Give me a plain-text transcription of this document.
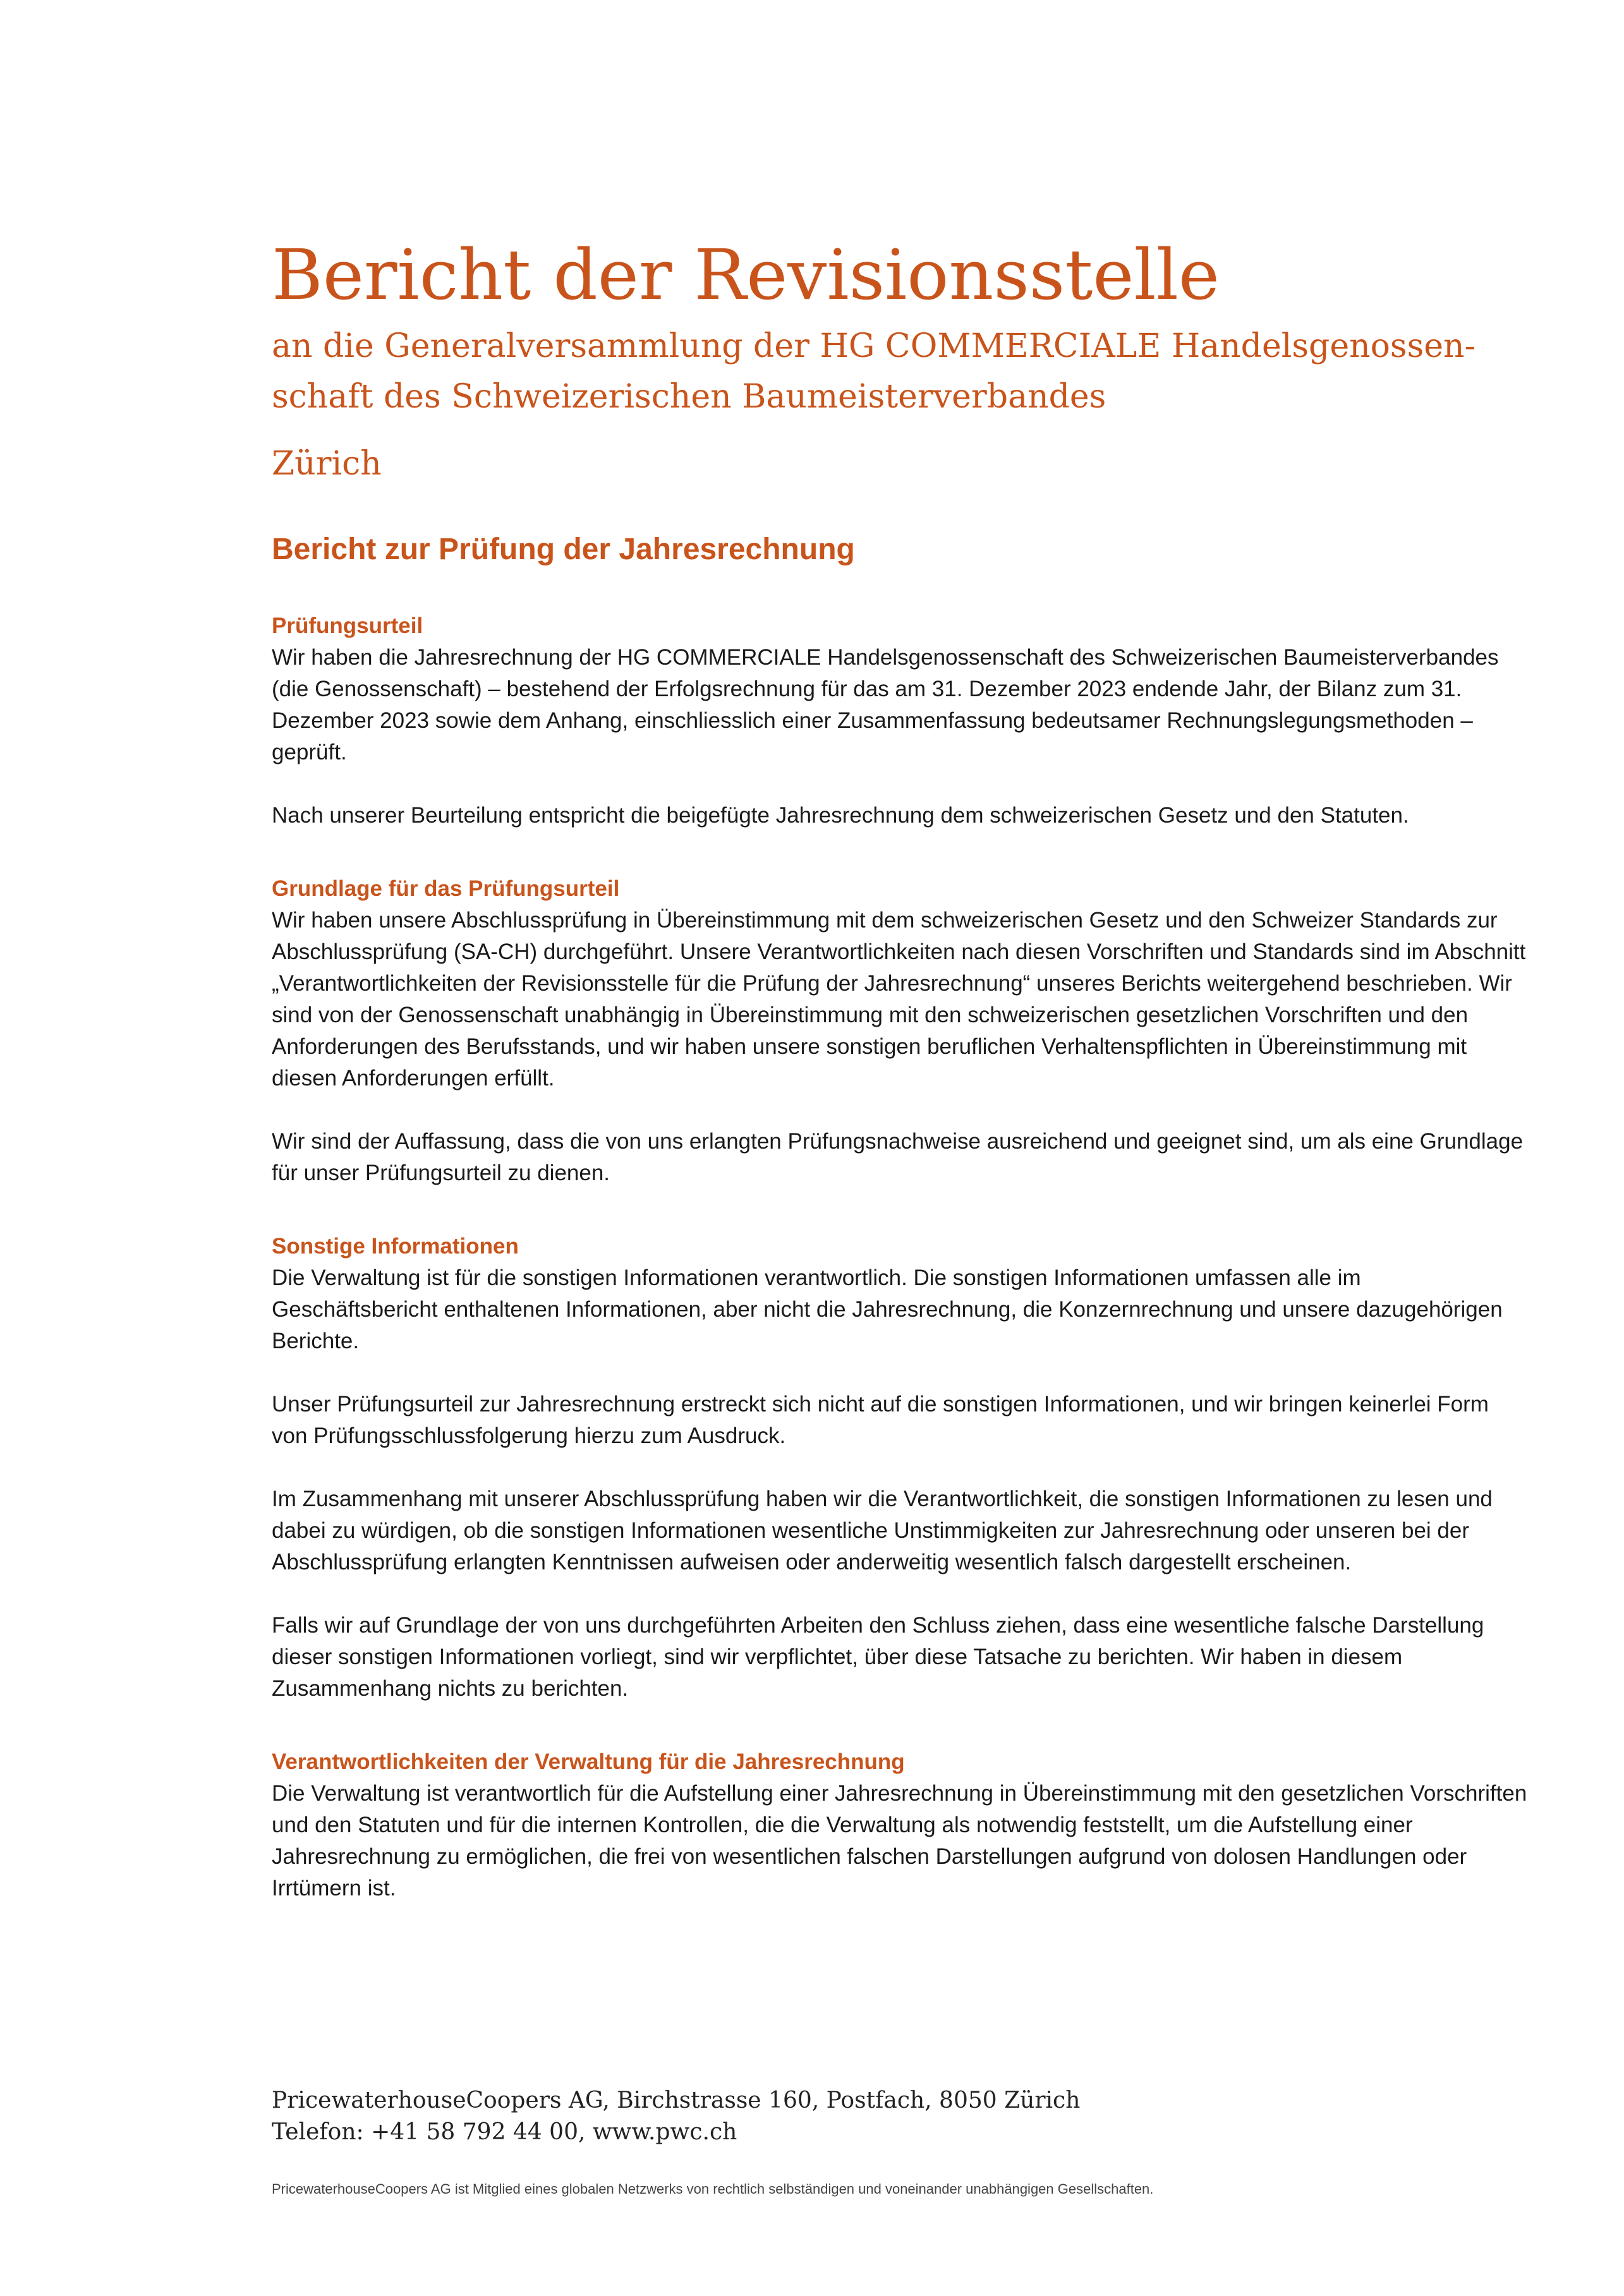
Bericht der Revisionsstelle

an die Generalversammlung der HG COMMERCIALE Handelsgenossen-schaft des Schweizerischen Baumeisterverbandes

Zürich

Bericht zur Prüfung der Jahresrechnung
Prüfungsurteil

Wir haben die Jahresrechnung der HG COMMERCIALE Handelsgenossenschaft des Schweizerischen Baumeisterverbandes (die Genossenschaft) – bestehend der Erfolgsrechnung für das am 31. Dezember 2023 endende Jahr, der Bilanz zum 31. Dezember 2023 sowie dem Anhang, einschliesslich einer Zusammenfassung bedeutsamer Rechnungslegungsmethoden – geprüft.

Nach unserer Beurteilung entspricht die beigefügte Jahresrechnung dem schweizerischen Gesetz und den Statuten.

Grundlage für das Prüfungsurteil

Wir haben unsere Abschlussprüfung in Übereinstimmung mit dem schweizerischen Gesetz und den Schweizer Standards zur Abschlussprüfung (SA-CH) durchgeführt. Unsere Verantwortlichkeiten nach diesen Vorschriften und Standards sind im Abschnitt „Verantwortlichkeiten der Revisionsstelle für die Prüfung der Jahresrechnung“ unseres Berichts weitergehend beschrieben. Wir sind von der Genossenschaft unabhängig in Übereinstimmung mit den schweizerischen gesetzlichen Vorschriften und den Anforderungen des Berufsstands, und wir haben unsere sonstigen beruflichen Verhaltenspflichten in Übereinstimmung mit diesen Anforderungen erfüllt.

Wir sind der Auffassung, dass die von uns erlangten Prüfungsnachweise ausreichend und geeignet sind, um als eine Grundlage für unser Prüfungsurteil zu dienen.

Sonstige Informationen

Die Verwaltung ist für die sonstigen Informationen verantwortlich. Die sonstigen Informationen umfassen alle im Geschäftsbericht enthaltenen Informationen, aber nicht die Jahresrechnung, die Konzernrechnung und unsere dazugehörigen Berichte.

Unser Prüfungsurteil zur Jahresrechnung erstreckt sich nicht auf die sonstigen Informationen, und wir bringen keinerlei Form von Prüfungsschlussfolgerung hierzu zum Ausdruck.

Im Zusammenhang mit unserer Abschlussprüfung haben wir die Verantwortlichkeit, die sonstigen Informationen zu lesen und dabei zu würdigen, ob die sonstigen Informationen wesentliche Unstimmigkeiten zur Jahresrechnung oder unseren bei der Abschlussprüfung erlangten Kenntnissen aufweisen oder anderweitig wesentlich falsch dargestellt erscheinen.

Falls wir auf Grundlage der von uns durchgeführten Arbeiten den Schluss ziehen, dass eine wesentliche falsche Darstellung dieser sonstigen Informationen vorliegt, sind wir verpflichtet, über diese Tatsache zu berichten. Wir haben in diesem Zusammenhang nichts zu berichten.

Verantwortlichkeiten der Verwaltung für die Jahresrechnung

Die Verwaltung ist verantwortlich für die Aufstellung einer Jahresrechnung in Übereinstimmung mit den gesetzlichen Vorschriften und den Statuten und für die internen Kontrollen, die die Verwaltung als notwendig feststellt, um die Aufstellung einer Jahresrechnung zu ermöglichen, die frei von wesentlichen falschen Darstellungen aufgrund von dolosen Handlungen oder Irrtümern ist.

PricewaterhouseCoopers AG, Birchstrasse 160, Postfach, 8050 Zürich

Telefon: +41 58 792 44 00, www.pwc.ch

PricewaterhouseCoopers AG ist Mitglied eines globalen Netzwerks von rechtlich selbständigen und voneinander unabhängigen Gesellschaften.
